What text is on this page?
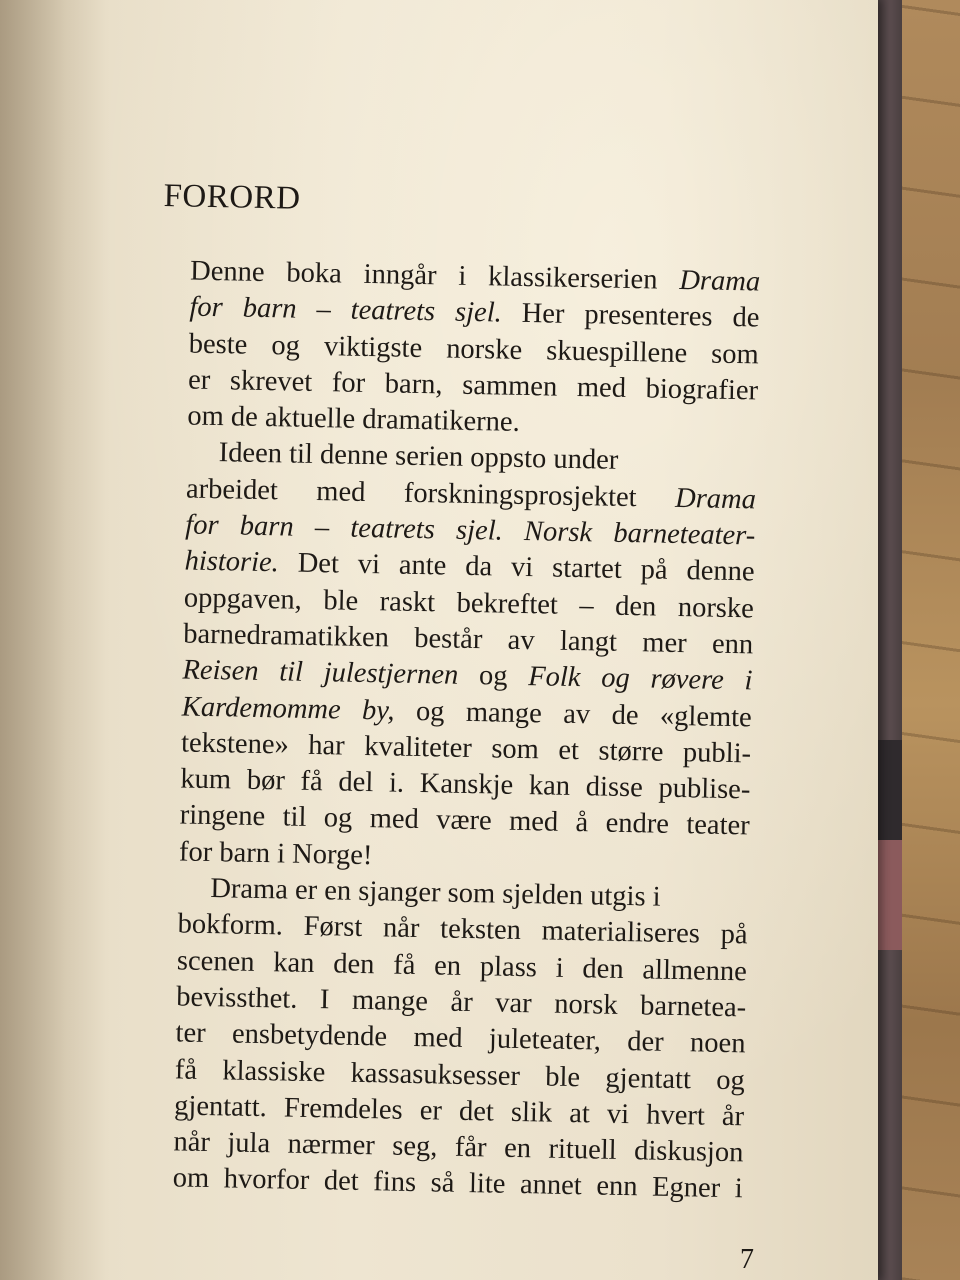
FORORD
Denne boka inngår i klassikerserien Drama
for barn – teatrets sjel. Her presenteres de
beste og viktigste norske skuespillene som
er skrevet for barn, sammen med biografier
om de aktuelle dramatikerne.
Ideen til denne serien oppsto under
arbeidet med forskningsprosjektet Drama
for barn – teatrets sjel. Norsk barneteater-
historie. Det vi ante da vi startet på denne
oppgaven, ble raskt bekreftet – den norske
barnedramatikken består av langt mer enn
Reisen til julestjernen og Folk og røvere i
Kardemomme by, og mange av de «glemte
tekstene» har kvaliteter som et større publi-
kum bør få del i. Kanskje kan disse publise-
ringene til og med være med å endre teater
for barn i Norge!
Drama er en sjanger som sjelden utgis i
bokform. Først når teksten materialiseres på
scenen kan den få en plass i den allmenne
bevissthet. I mange år var norsk barnetea-
ter ensbetydende med juleteater, der noen
få klassiske kassasuksesser ble gjentatt og
gjentatt. Fremdeles er det slik at vi hvert år
når jula nærmer seg, får en rituell diskusjon
om hvorfor det fins så lite annet enn Egner i
7
